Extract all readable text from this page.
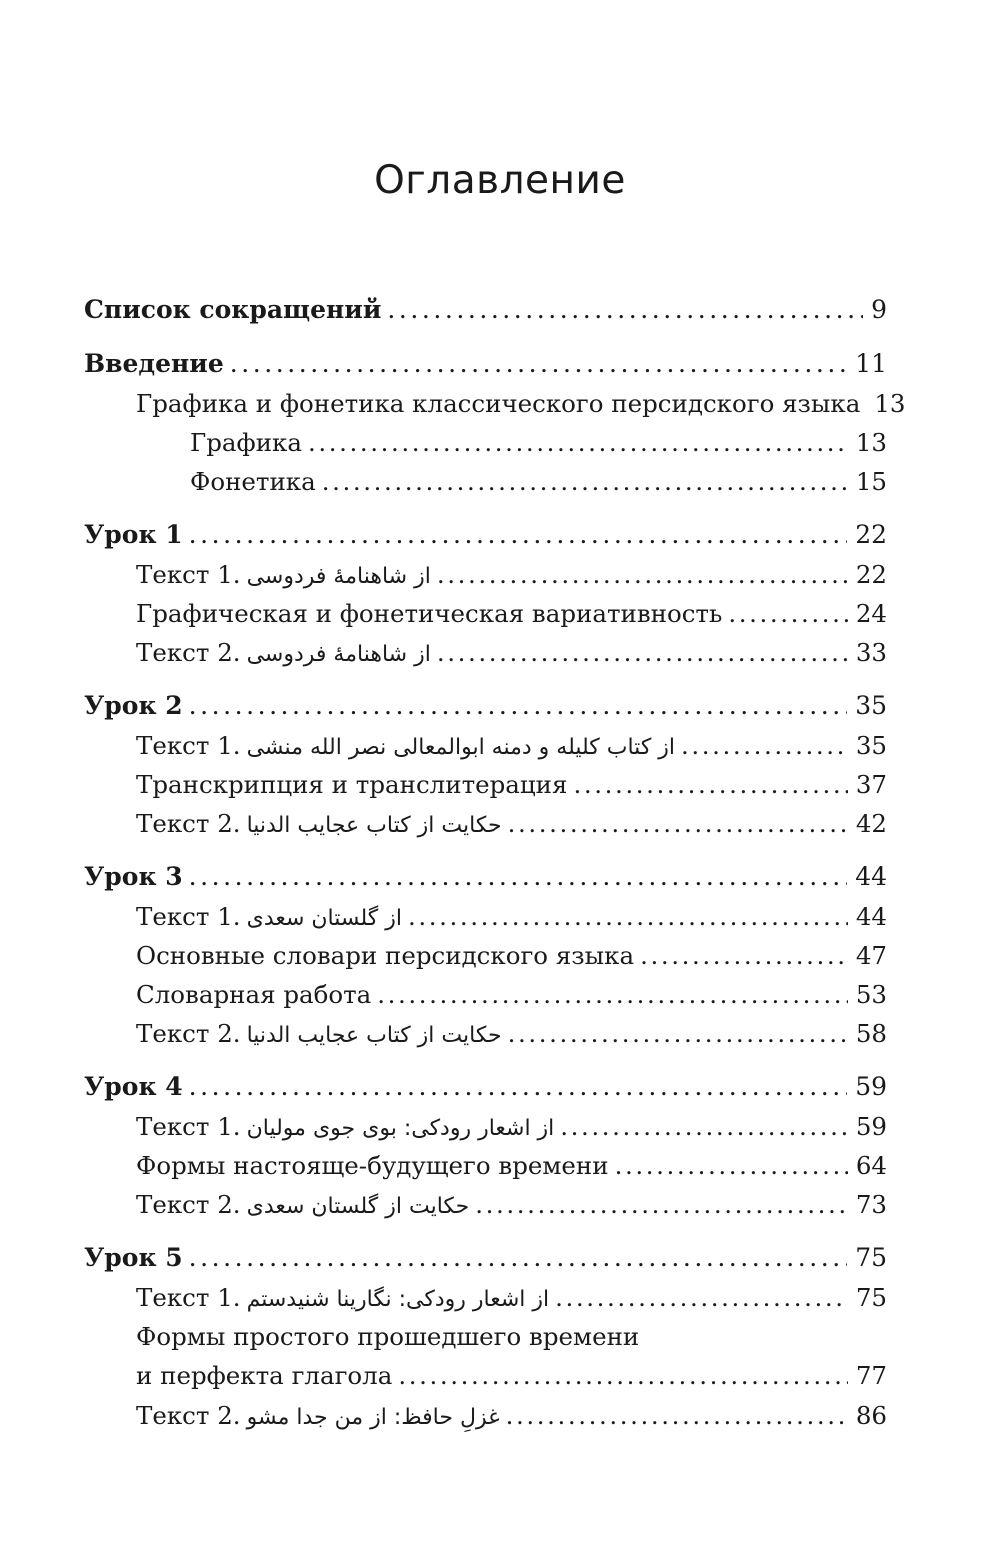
Оглавление
Список сокращений . . .	9
Введение . . .	11
Графика и фонетика классического персидского языка 13
Графика . . .	13
Фонетика . . .	15
Урок 1 . . .	22
Текст 1. از شاهنامهٔ فردوسی . . .	22
Графическая и фонетическая вариативность . . .	24
Текст 2. از شاهنامهٔ فردوسی . . .	33
Урок 2 . . .	35
Текст 1. از کتاب کلیله و دمنه ابوالمعالی نصر الله منشی . . .	35
Транскрипция и транслитерация . . .	37
Текст 2. حکایت از کتاب عجایب الدنیا . . .	42
Урок 3 . . .	44
Текст 1. از گلستان سعدی . . .	44
Основные словари персидского языка . . .	47
Словарная работа . . .	53
Текст 2. حکایت از کتاب عجایب الدنیا . . .	58
Урок 4 . . .	59
Текст 1. از اشعار رودکی: بوی جوی مولیان . . .	59
Формы настояще-будущего времени . . .	64
Текст 2. حکایت از گلستان سعدی . . .	73
Урок 5 . . .	75
Текст 1. از اشعار رودکی: نگارینا شنیدستم . . .	75
Формы простого прошедшего времени
и перфекта глагола . . .	77
Текст 2. غزلِ حافظ: از من جدا مشو . . .	86
